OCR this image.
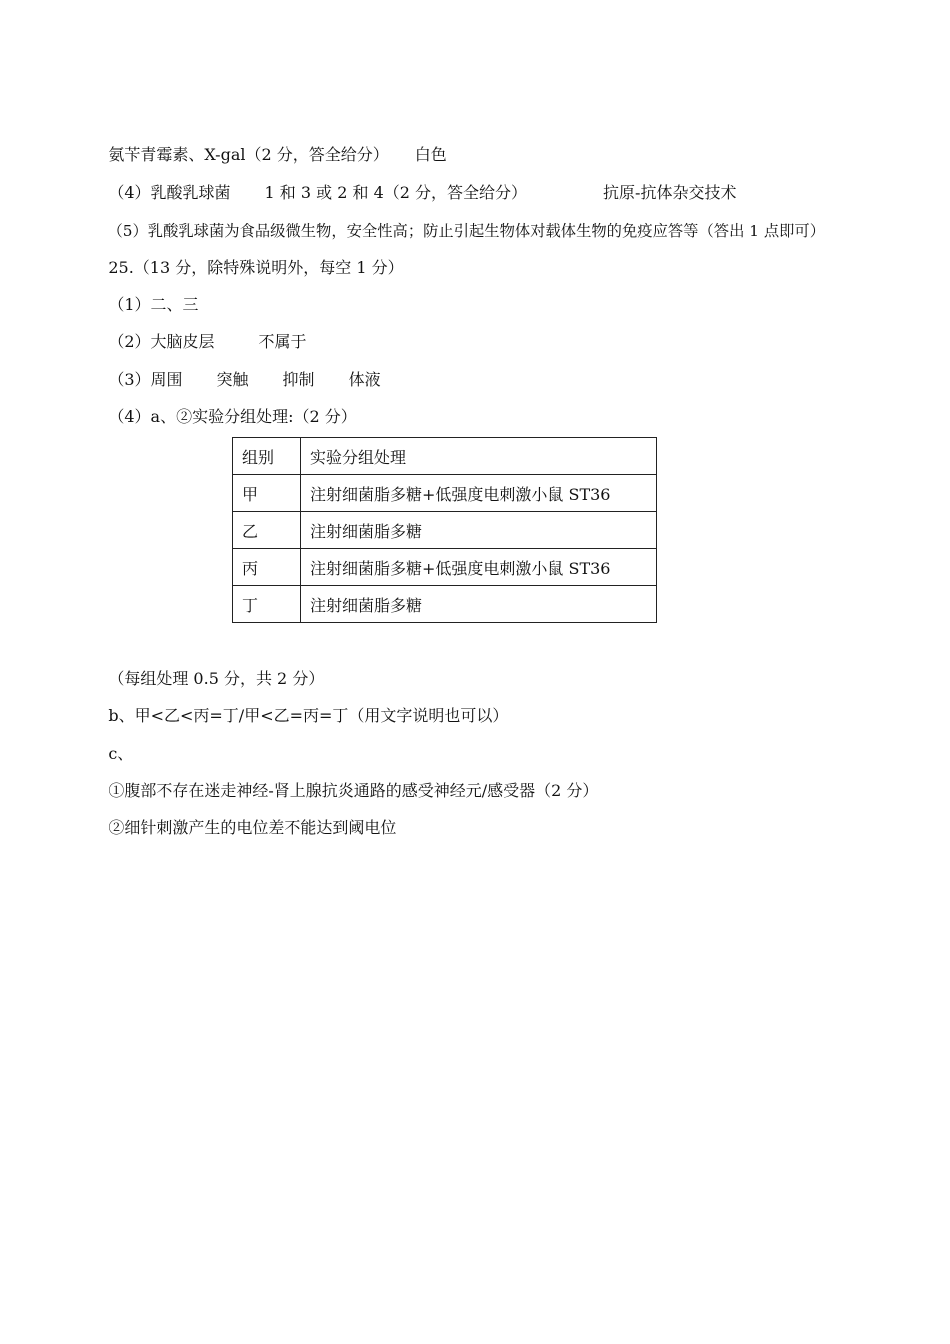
氨苄青霉素、X-gal（2 分，答全给分） 白色

（4）乳酸乳球菌 1 和 3 或 2 和 4（2 分，答全给分）	抗原-抗体杂交技术

（5）乳酸乳球菌为食品级微生物，安全性高；防止引起生物体对载体生物的免疫应答等（答出 1 点即可）

25.（13 分，除特殊说明外，每空 1 分）

（1）二、三

（2）大脑皮层	不属于

（3）周围 突触 抑制 体液

（4）a、②实验分组处理:（2 分）

组别	实验分组处理
甲	注射细菌脂多糖+低强度电刺激小鼠 ST36
乙	注射细菌脂多糖
丙	注射细菌脂多糖+低强度电刺激小鼠 ST36
丁	注射细菌脂多糖

（每组处理 0.5 分，共 2 分）

b、甲<乙<丙=丁/甲<乙=丙=丁（用文字说明也可以）

c、

①腹部不存在迷走神经-肾上腺抗炎通路的感受神经元/感受器（2 分）

②细针刺激产生的电位差不能达到阈电位
